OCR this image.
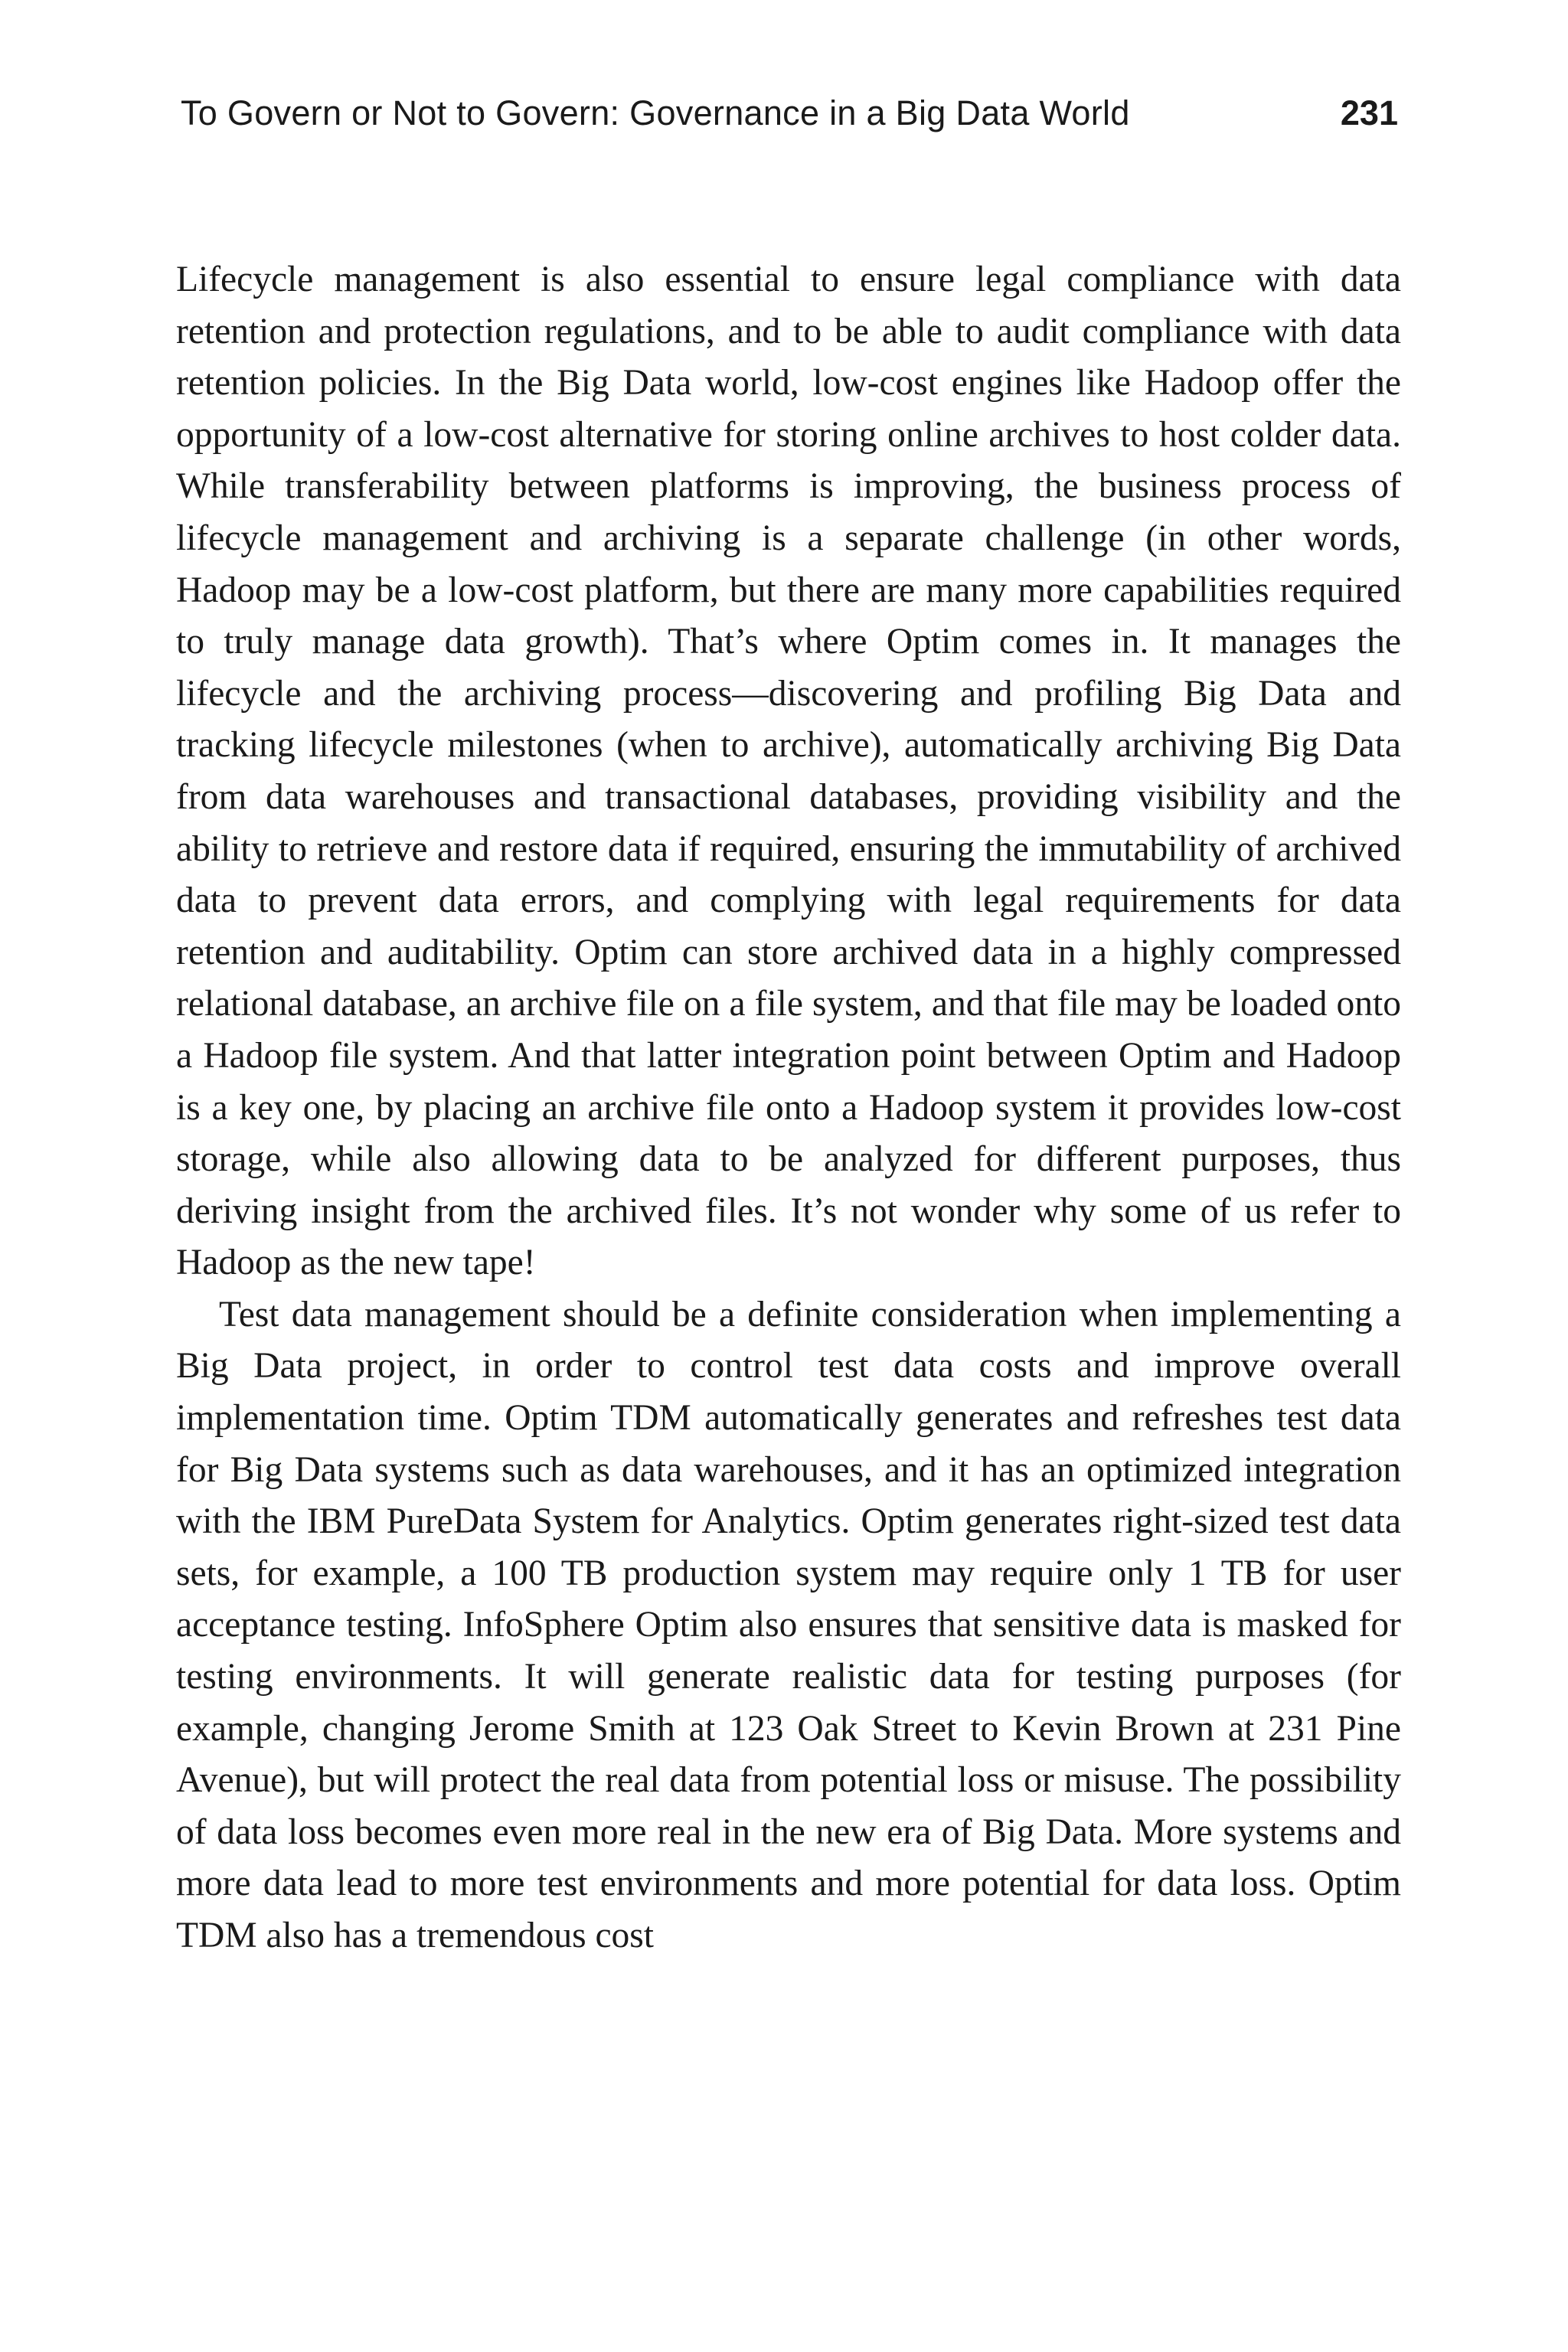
To Govern or Not to Govern: Governance in a Big Data World	231

Lifecycle management is also essential to ensure legal compliance with data retention and protection regulations, and to be able to audit compliance with data retention policies. In the Big Data world, low-cost engines like Hadoop offer the opportunity of a low-cost alternative for storing online archives to host colder data. While transferability between platforms is improving, the business process of lifecycle management and archiving is a separate challenge (in other words, Hadoop may be a low-cost platform, but there are many more capabilities required to truly manage data growth). That’s where Optim comes in. It manages the lifecycle and the archiving process—discovering and profiling Big Data and tracking lifecycle milestones (when to archive), automatically archiving Big Data from data warehouses and transactional databases, providing visibility and the ability to retrieve and restore data if required, ensuring the immutability of archived data to prevent data errors, and complying with legal requirements for data retention and auditability. Optim can store archived data in a highly compressed relational database, an archive file on a file system, and that file may be loaded onto a Hadoop file system. And that latter integration point between Optim and Hadoop is a key one, by placing an archive file onto a Hadoop system it provides low-cost storage, while also allowing data to be analyzed for different purposes, thus deriving insight from the archived files. It’s not wonder why some of us refer to Hadoop as the new tape!

Test data management should be a definite consideration when implementing a Big Data project, in order to control test data costs and improve overall implementation time. Optim TDM automatically generates and refreshes test data for Big Data systems such as data warehouses, and it has an optimized integration with the IBM PureData System for Analytics. Optim generates right-sized test data sets, for example, a 100 TB production system may require only 1 TB for user acceptance testing. InfoSphere Optim also ensures that sensitive data is masked for testing environments. It will generate realistic data for testing purposes (for example, changing Jerome Smith at 123 Oak Street to Kevin Brown at 231 Pine Avenue), but will protect the real data from potential loss or misuse. The possibility of data loss becomes even more real in the new era of Big Data. More systems and more data lead to more test environments and more potential for data loss. Optim TDM also has a tremendous cost
